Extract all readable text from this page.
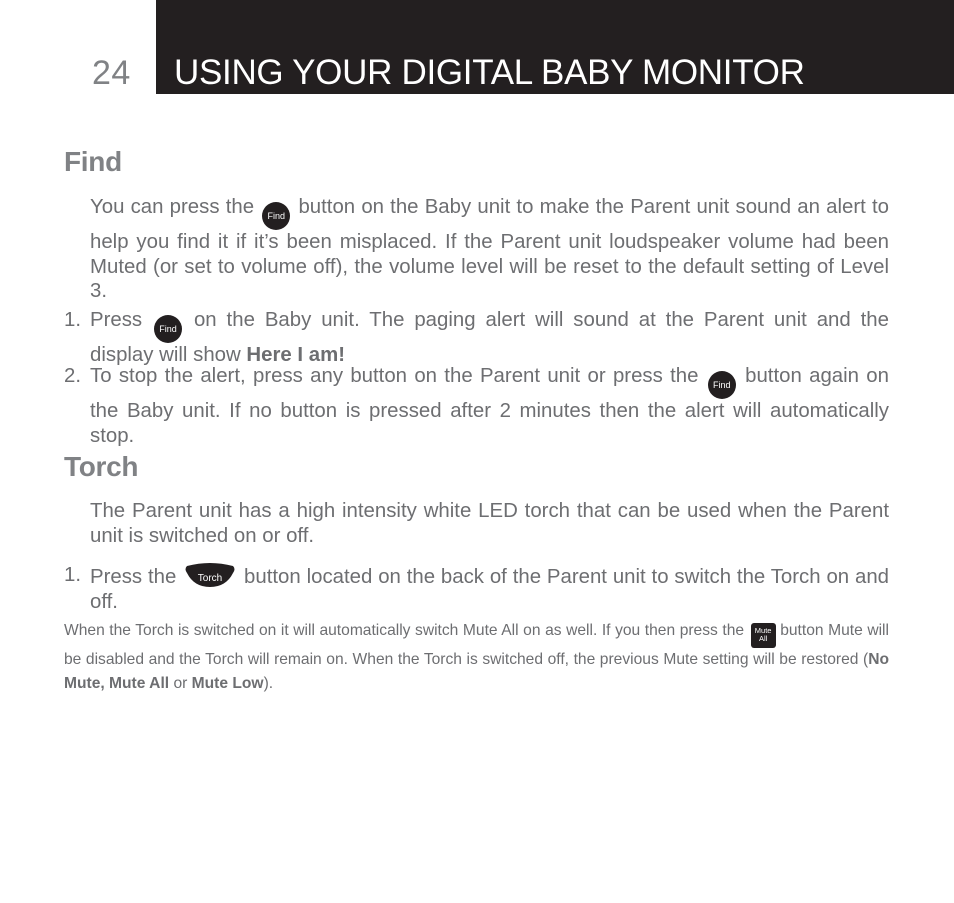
24 USING YOUR DIGITAL BABY MONITOR
Find
You can press the Find button on the Baby unit to make the Parent unit sound an alert to help you find it if it’s been misplaced. If the Parent unit loudspeaker volume had been Muted (or set to volume off), the volume level will be reset to the default setting of Level 3.
1. Press Find on the Baby unit. The paging alert will sound at the Parent unit and the display will show Here I am!
2. To stop the alert, press any button on the Parent unit or press the Find button again on the Baby unit. If no button is pressed after 2 minutes then the alert will automatically stop.
Torch
The Parent unit has a high intensity white LED torch that can be used when the Parent unit is switched on or off.
1. Press the Torch button located on the back of the Parent unit to switch the Torch on and off.
When the Torch is switched on it will automatically switch Mute All on as well. If you then press the	Mute
All button Mute will be disabled and the Torch will remain on. When the Torch is switched off, the previous Mute setting will be restored (No Mute, Mute All or Mute Low).
